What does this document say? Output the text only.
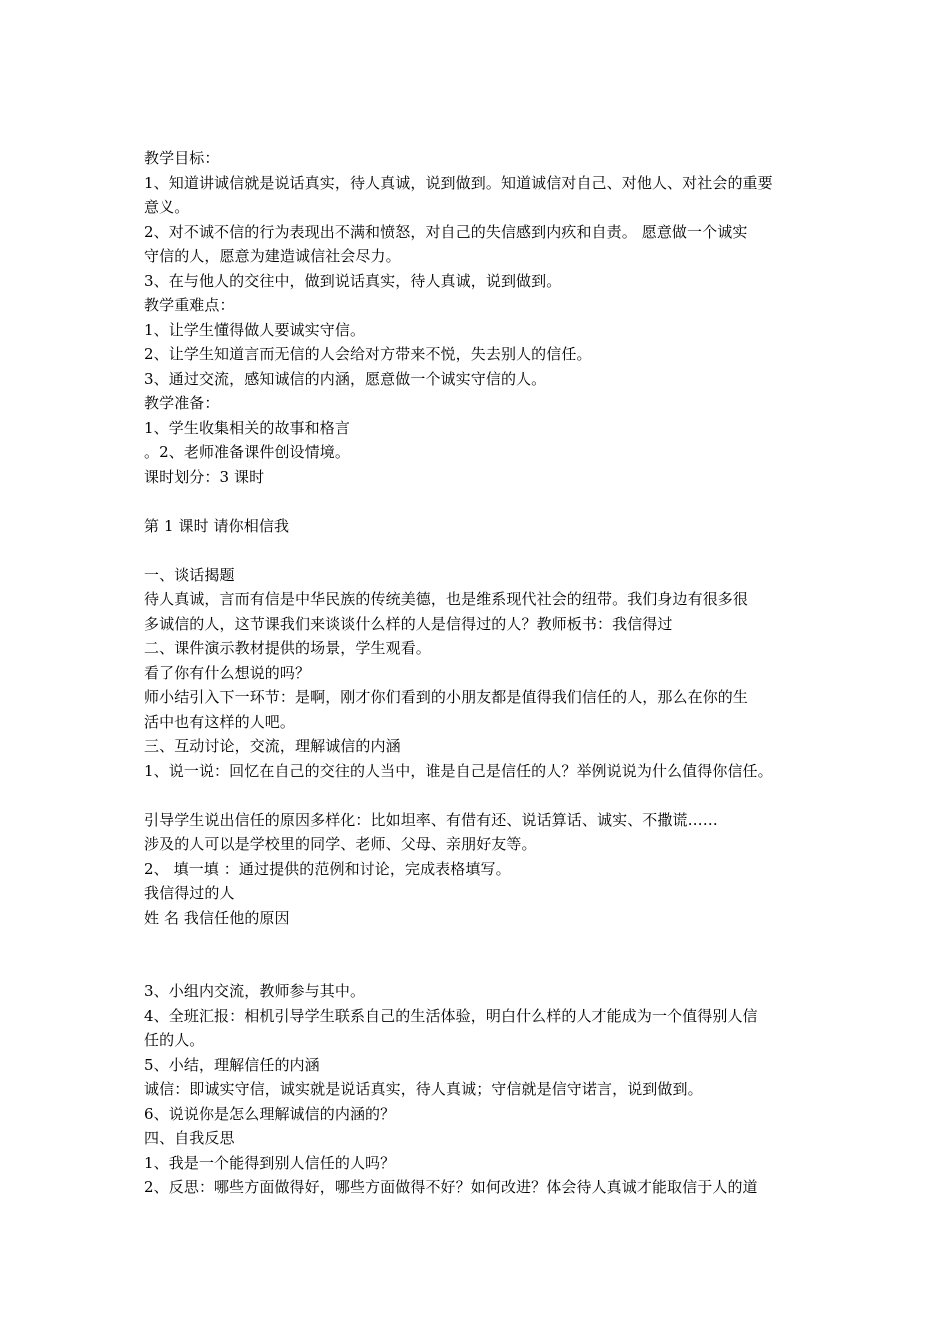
教学目标：
1、知道讲诚信就是说话真实，待人真诚，说到做到。知道诚信对自己、对他人、对社会的重要
意义。
2、对不诚不信的行为表现出不满和愤怒，对自己的失信感到内疚和自责。 愿意做一个诚实
守信的人，愿意为建造诚信社会尽力。
3、在与他人的交往中，做到说话真实，待人真诚，说到做到。
教学重难点：
1、让学生懂得做人要诚实守信。
2、让学生知道言而无信的人会给对方带来不悦，失去别人的信任。
3、通过交流，感知诚信的内涵，愿意做一个诚实守信的人。
教学准备：
1、学生收集相关的故事和格言
。2、老师准备课件创设情境。
课时划分：3 课时
第 1 课时 请你相信我
一、谈话揭题
待人真诚，言而有信是中华民族的传统美德，也是维系现代社会的纽带。我们身边有很多很
多诚信的人，这节课我们来谈谈什么样的人是信得过的人？教师板书：我信得过
二、课件演示教材提供的场景，学生观看。
看了你有什么想说的吗？
师小结引入下一环节：是啊，刚才你们看到的小朋友都是值得我们信任的人，那么在你的生
活中也有这样的人吧。
三、互动讨论，交流，理解诚信的内涵
1、说一说：回忆在自己的交往的人当中，谁是自己是信任的人？举例说说为什么值得你信任。
引导学生说出信任的原因多样化：比如坦率、有借有还、说话算话、诚实、不撒谎……
涉及的人可以是学校里的同学、老师、父母、亲朋好友等。
2、 填一填 ：通过提供的范例和讨论，完成表格填写。
我信得过的人
姓 名 我信任他的原因
3、小组内交流，教师参与其中。
4、全班汇报：相机引导学生联系自己的生活体验，明白什么样的人才能成为一个值得别人信
任的人。
5、小结，理解信任的内涵
诚信：即诚实守信，诚实就是说话真实，待人真诚；守信就是信守诺言，说到做到。
6、说说你是怎么理解诚信的内涵的？
四、自我反思
1、我是一个能得到别人信任的人吗？
2、反思：哪些方面做得好，哪些方面做得不好？如何改进？体会待人真诚才能取信于人的道
